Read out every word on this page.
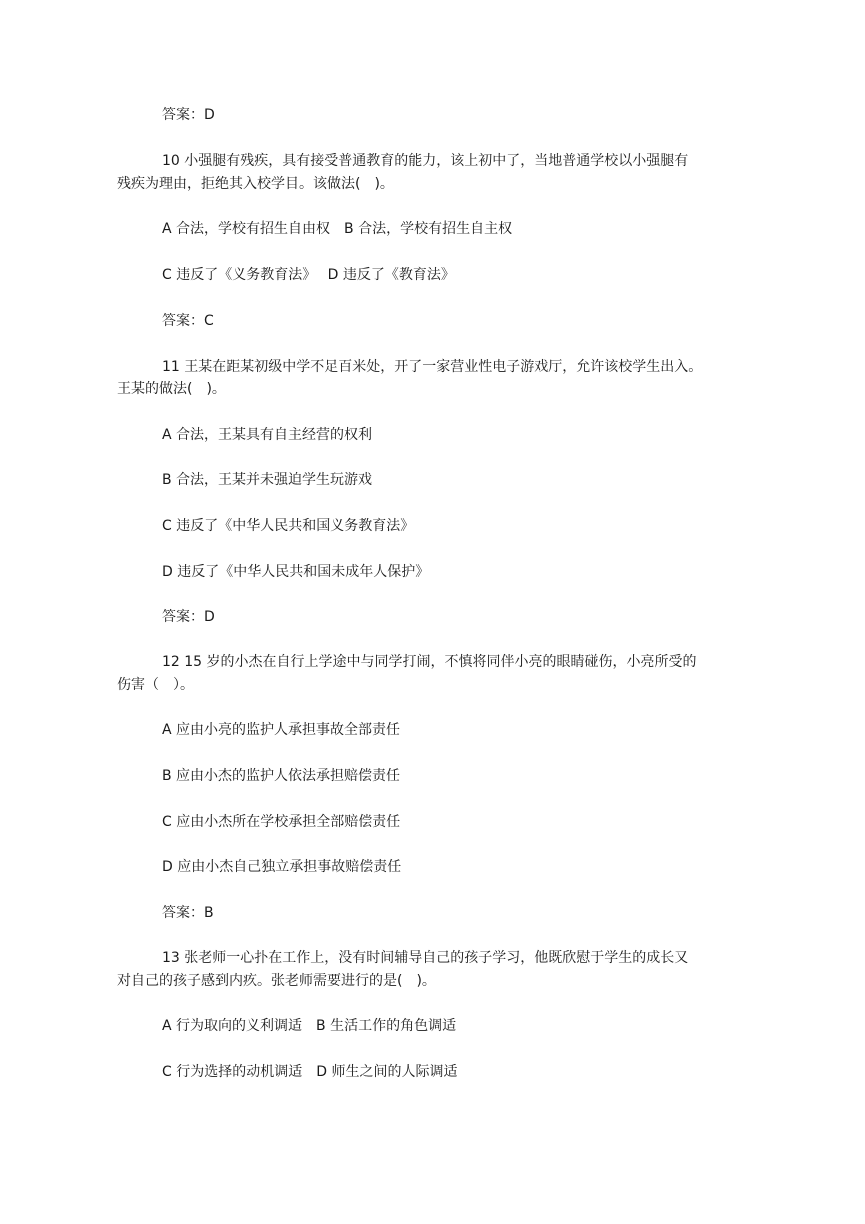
答案：D
10 小强腿有残疾，具有接受普通教育的能力，该上初中了，当地普通学校以小强腿有
残疾为理由，拒绝其入校学目。该做法(　)。
A 合法，学校有招生自由权　B 合法，学校有招生自主权
C 违反了《义务教育法》　 D 违反了《教育法》
答案：C
11 王某在距某初级中学不足百米处，开了一家营业性电子游戏厅，允许该校学生出入。
王某的做法(　)。
A 合法，王某具有自主经营的权利
B 合法，王某并未强迫学生玩游戏
C 违反了《中华人民共和国义务教育法》
D 违反了《中华人民共和国未成年人保护》
答案：D
12 15 岁的小杰在自行上学途中与同学打闹，不慎将同伴小亮的眼睛碰伤，小亮所受的
伤害（　）。
A 应由小亮的监护人承担事故全部责任
B 应由小杰的监护人依法承担赔偿责任
C 应由小杰所在学校承担全部赔偿责任
D 应由小杰自己独立承担事故赔偿责任
答案：B
13 张老师一心扑在工作上，没有时间辅导自己的孩子学习，他既欣慰于学生的成长又
对自己的孩子感到内疚。张老师需要进行的是(　)。
A 行为取向的义利调适　B 生活工作的角色调适
C 行为选择的动机调适　D 师生之间的人际调适
